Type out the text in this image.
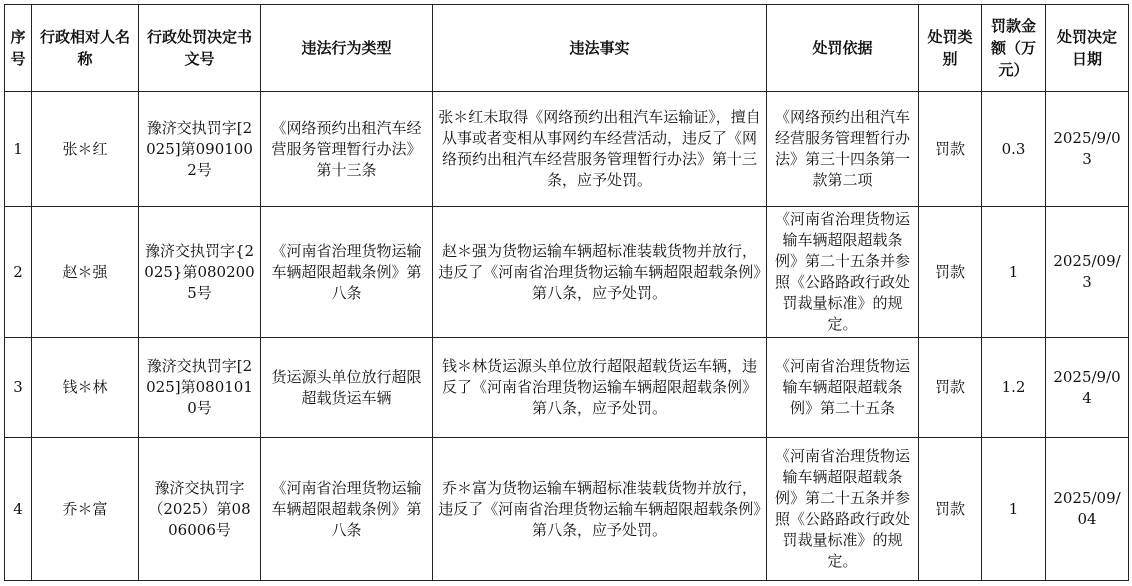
序号	行政相对人名称	行政处罚决定书文号	违法行为类型	违法事实	处罚依据	处罚类别	罚款金额（万元）	处罚决定日期
1	张＊红	豫济交执罚字[2025]第0901002号	《网络预约出租汽车经营服务管理暂行办法》第十三条	张＊红未取得《网络预约出租汽车运输证》，擅自从事或者变相从事网约车经营活动，违反了《网络预约出租汽车经营服务管理暂行办法》第十三条，应予处罚。	《网络预约出租汽车经营服务管理暂行办法》第三十四条第一款第二项	罚款	0.3	2025/9/03
2	赵＊强	豫济交执罚字{2025}第0802005号	《河南省治理货物运输车辆超限超载条例》第八条	赵＊强为货物运输车辆超标准装载货物并放行，违反了《河南省治理货物运输车辆超限超载条例》第八条，应予处罚。	《河南省治理货物运输车辆超限超载条例》第二十五条并参照《公路路政行政处罚裁量标准》的规定。	罚款	1	2025/09/3
3	钱＊林	豫济交执罚字[2025]第0801010号	货运源头单位放行超限超载货运车辆	钱＊林货运源头单位放行超限超载货运车辆，违反了《河南省治理货物运输车辆超限超载条例》第八条，应予处罚。	《河南省治理货物运输车辆超限超载条例》第二十五条	罚款	1.2	2025/9/04
4	乔＊富	豫济交执罚字（2025）第0806006号	《河南省治理货物运输车辆超限超载条例》第八条	乔＊富为货物运输车辆超标准装载货物并放行，违反了《河南省治理货物运输车辆超限超载条例》第八条，应予处罚。	《河南省治理货物运输车辆超限超载条例》第二十五条并参照《公路路政行政处罚裁量标准》的规定。	罚款	1	2025/09/04
